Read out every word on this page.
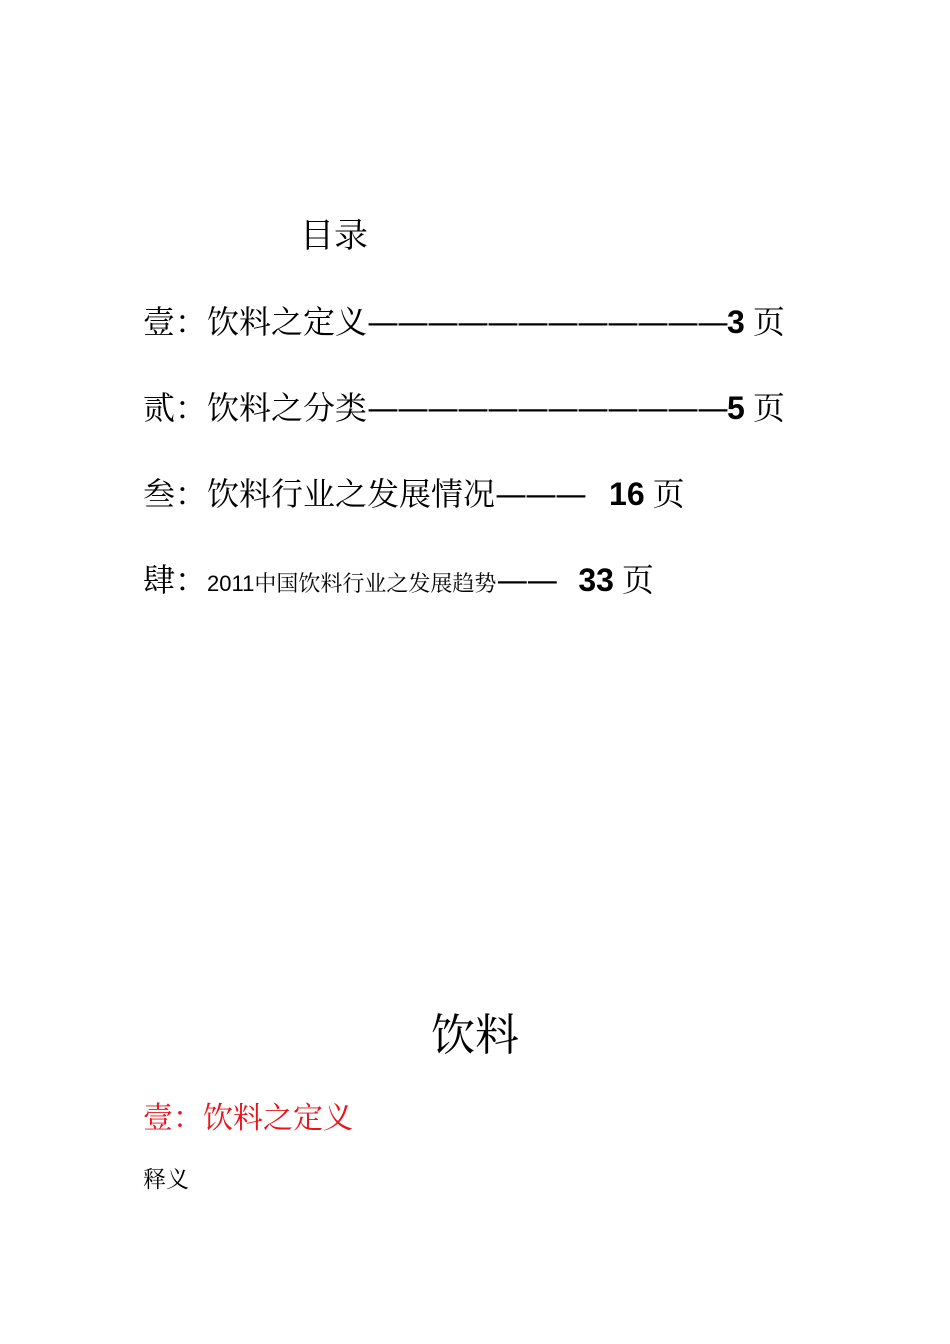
目录
壹：饮料之定义————————————3 页
贰：饮料之分类————————————5 页
叁：饮料行业之发展情况——— 16 页
肆：2011中国饮料行业之发展趋势—— 33 页
饮料
壹：饮料之定义
释义
